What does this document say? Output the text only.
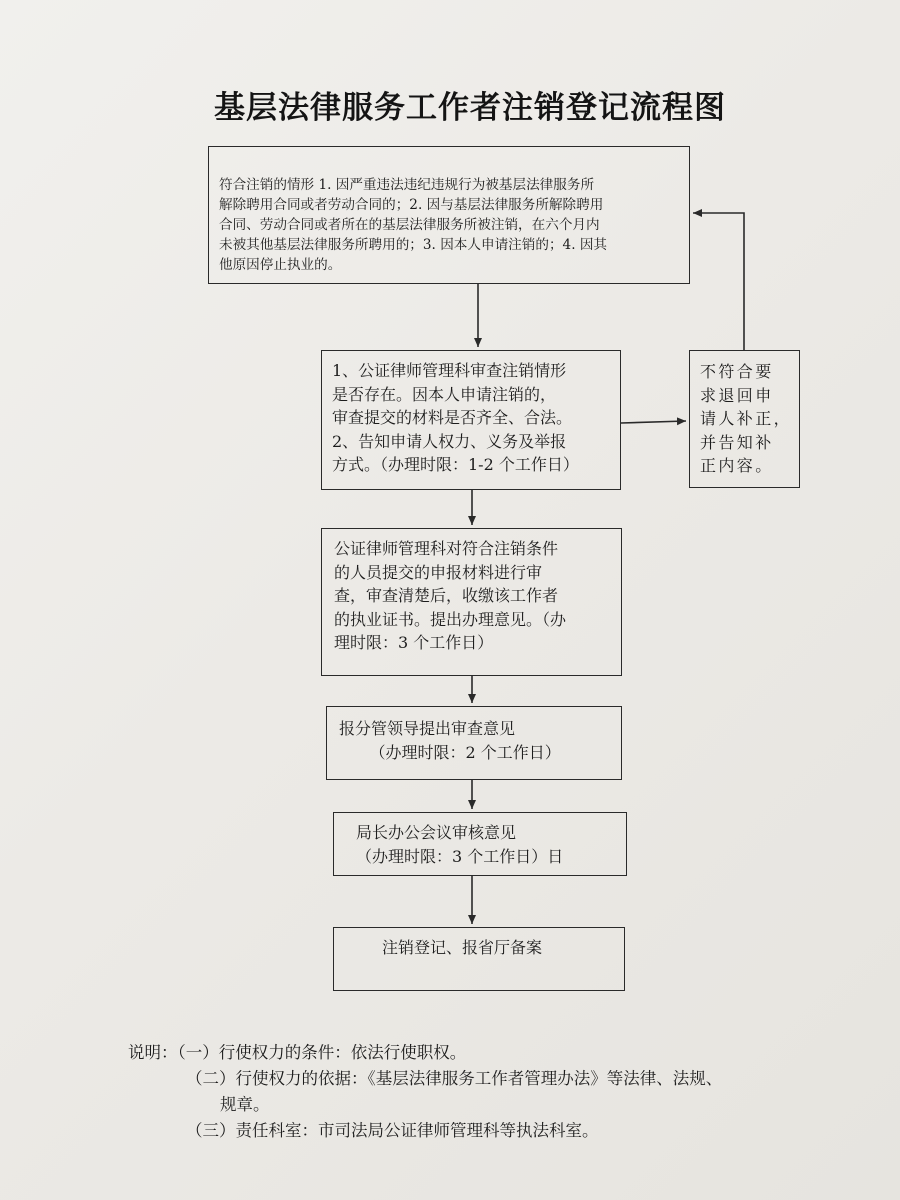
基层法律服务工作者注销登记流程图
符合注销的情形 1. 因严重违法违纪违规行为被基层法律服务所
解除聘用合同或者劳动合同的；2. 因与基层法律服务所解除聘用
合同、劳动合同或者所在的基层法律服务所被注销，在六个月内
未被其他基层法律服务所聘用的；3. 因本人申请注销的；4. 因其
他原因停止执业的。
1、公证律师管理科审查注销情形
是否存在。因本人申请注销的，
审查提交的材料是否齐全、合法。
2、告知申请人权力、义务及举报
方式。（办理时限：1-2 个工作日）
不符合要
求退回申
请人补正，
并告知补
正内容。
公证律师管理科对符合注销条件
的人员提交的申报材料进行审
查，审查清楚后，收缴该工作者
的执业证书。提出办理意见。（办
理时限：3 个工作日）
报分管领导提出审查意见
（办理时限：2 个工作日）
局长办公会议审核意见
（办理时限：3 个工作日）日
注销登记、报省厅备案
说明：（一）行使权力的条件：依法行使职权。
（二）行使权力的依据：《基层法律服务工作者管理办法》等法律、法规、
规章。
（三）责任科室：市司法局公证律师管理科等执法科室。
